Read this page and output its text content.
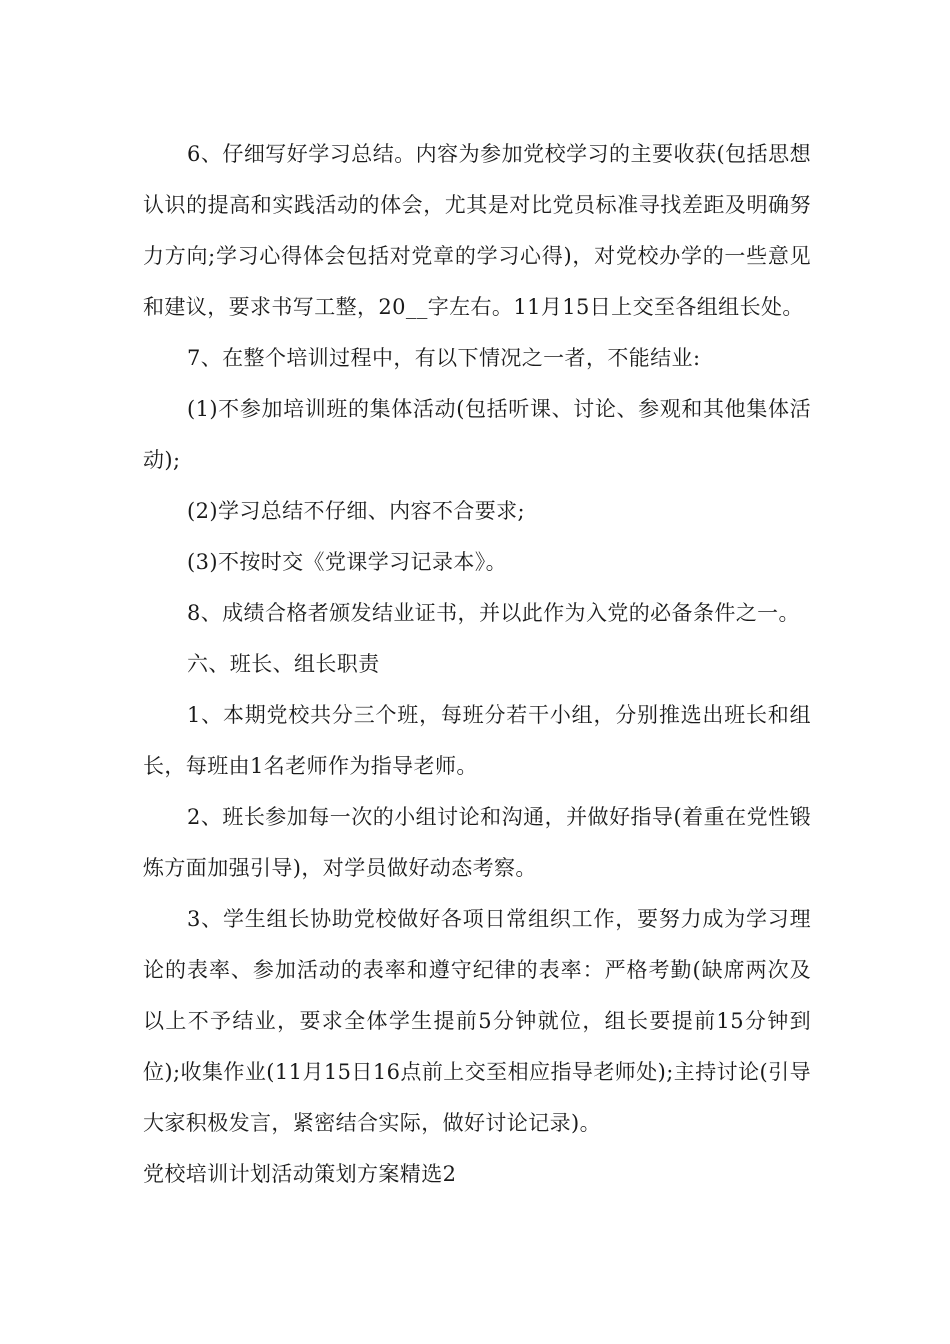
6、仔细写好学习总结。内容为参加党校学习的主要收获(包括思想认识的提高和实践活动的体会，尤其是对比党员标准寻找差距及明确努力方向;学习心得体会包括对党章的学习心得)，对党校办学的一些意见和建议，要求书写工整，20__字左右。11月15日上交至各组组长处。

7、在整个培训过程中，有以下情况之一者，不能结业:

(1)不参加培训班的集体活动(包括听课、讨论、参观和其他集体活动);

(2)学习总结不仔细、内容不合要求;

(3)不按时交《党课学习记录本》。

8、成绩合格者颁发结业证书，并以此作为入党的必备条件之一。

六、班长、组长职责

1、本期党校共分三个班，每班分若干小组，分别推选出班长和组长，每班由1名老师作为指导老师。

2、班长参加每一次的小组讨论和沟通，并做好指导(着重在党性锻炼方面加强引导)，对学员做好动态考察。

3、学生组长协助党校做好各项日常组织工作，要努力成为学习理论的表率、参加活动的表率和遵守纪律的表率：严格考勤(缺席两次及以上不予结业，要求全体学生提前5分钟就位，组长要提前15分钟到位);收集作业(11月15日16点前上交至相应指导老师处);主持讨论(引导大家积极发言，紧密结合实际，做好讨论记录)。

党校培训计划活动策划方案精选2
